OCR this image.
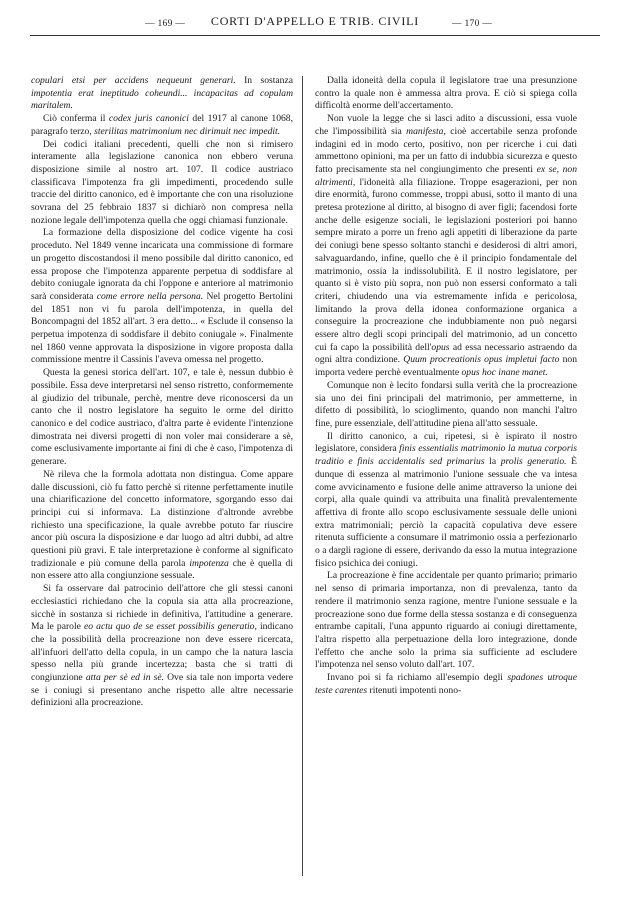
— 169 —	CORTI D'APPELLO E TRIB. CIVILI	— 170 —

copulari etsi per accidens nequeunt generari. In sostanza impotentia erat ineptitudo coheundi... incapacitas ad copulam maritalem.

Ciò conferma il codex juris canonici del 1917 al canone 1068, paragrafo terzo, sterilitas matrimonium nec dirimuit nec impedit.

Dei codici italiani precedenti, quelli che non si rimisero interamente alla legislazione canonica non ebbero veruna disposizione simile al nostro art. 107. Il codice austriaco classificava l'impotenza fra gli impedimenti, procedendo sulle traccie del diritto canonico, ed è importante che con una risoluzione sovrana del 25 febbraio 1837 si dichiarò non compresa nella nozione legale dell'impotenza quella che oggi chiamasi funzionale.

La formazione della disposizione del codice vigente ha così proceduto. Nel 1849 venne incaricata una commissione di formare un progetto discostandosi il meno possibile dal diritto canonico, ed essa propose che l'impotenza apparente perpetua di soddisfare al debito coniugale ignorata da chi l'oppone e anteriore al matrimonio sarà considerata come errore nella persona. Nel progetto Bertolini del 1851 non vi fu parola dell'impotenza, in quella del Boncompagni del 1852 all'art. 3 era detto... « Esclude il consenso la perpetua impotenza di soddisfare il debito coniugale ». Finalmente nel 1860 venne approvata la disposizione in vigore proposta dalla commissione mentre il Cassinis l'aveva omessa nel progetto.

Questa la genesi storica dell'art. 107, e tale è, nessun dubbio è possibile. Essa deve interpretarsi nel senso ristretto, conformemente al giudizio del tribunale, perchè, mentre deve riconoscersi da un canto che il nostro legislatore ha seguito le orme del diritto canonico e del codice austriaco, d'altra parte è evidente l'intenzione dimostrata nei diversi progetti di non voler mai considerare a sè, come esclusivamente importante ai fini di che è caso, l'impotenza di generare.

Nè rileva che la formola adottata non distingua. Come appare dalle discussioni, ciò fu fatto perchè si ritenne perfettamente inutile una chiarificazione del concetto informatore, sgorgando esso dai principi cui si informava. La distinzione d'altronde avrebbe richiesto una specificazione, la quale avrebbe potuto far riuscire ancor più oscura la disposizione e dar luogo ad altri dubbi, ad altre questioni più gravi. E tale interpretazione è conforme al significato tradizionale e più comune della parola impotenza che è quella di non essere atto alla congiunzione sessuale.

Si fa osservare dal patrocinio dell'attore che gli stessi canoni ecclesiastici richiedano che la copula sia atta alla procreazione, sicchè in sostanza si richiede in definitiva, l'attitudine a generare. Ma le parole eo actu quo de se esset possibilis generatio, indicano che la possibilità della procreazione non deve essere ricercata, all'infuori dell'atto della copula, in un campo che la natura lascia spesso nella più grande incertezza; basta che si tratti di congiunzione atta per sè ed in sè. Ove sia tale non importa vedere se i coniugi si presentano anche rispetto alle altre necessarie definizioni alla procreazione.

Dalla idoneità della copula il legislatore trae una presunzione contro la quale non è ammessa altra prova. E ciò si spiega colla difficoltà enorme dell'accertamento.

Non vuole la legge che si lasci adito a discussioni, essa vuole che l'impossibilità sia manifesta, cioè accertabile senza profonde indagini ed in modo certo, positivo, non per ricerche i cui dati ammettono opinioni, ma per un fatto di indubbia sicurezza e questo fatto precisamente sta nel congiungimento che presenti ex se, non altrimenti, l'idoneità alla filiazione. Troppe esagerazioni, per non dire enormità, furono commesse, troppi abusi, sotto il manto di una pretesa protezione al diritto, al bisogno di aver figli; facendosi forte anche delle esigenze sociali, le legislazioni posteriori poi hanno sempre mirato a porre un freno agli appetiti di liberazione da parte dei coniugi bene spesso soltanto stanchi e desiderosi di altri amori, salvaguardando, infine, quello che è il principio fondamentale del matrimonio, ossia la indissolubilità. E il nostro legislatore, per quanto si è visto più sopra, non può non essersi conformato a tali criteri, chiudendo una via estremamente infida e pericolosa, limitando la prova della idonea conformazione organica a conseguire la procreazione che indubbiamente non può negarsi essere altro degli scopi principali del matrimonio, ad un concetto cui fa capo la possibilità dell'opus ad essa necessario astraendo da ogni altra condizione. Quum procreationis opus impletui facto non importa vedere perchè eventualmente opus hoc inane manet.

Comunque non è lecito fondarsi sulla verità che la procreazione sia uno dei fini principali del matrimonio, per ammetterne, in difetto di possibilità, lo scioglimento, quando non manchi l'altro fine, pure essenziale, dell'attitudine piena all'atto sessuale.

Il diritto canonico, a cui, ripetesi, si è ispirato il nostro legislatore, considera finis essentialis matrimonio la mutua corporis traditio e finis accidentalis sed primarius la prolis generatio. È dunque di essenza al matrimonio l'unione sessuale che va intesa come avvicinamento e fusione delle anime attraverso la unione dei corpi, alla quale quindi va attribuita una finalità prevalentemente affettiva di fronte allo scopo esclusivamente sessuale delle unioni extra matrimoniali; perciò la capacità copulativa deve essere ritenuta sufficiente a consumare il matrimonio ossia a perfezionarlo o a dargli ragione di essere, derivando da esso la mutua integrazione fisico psichica dei coniugi.

La procreazione è fine accidentale per quanto primario; primario nel senso di primaria importanza, non di prevalenza, tanto da rendere il matrimonio senza ragione, mentre l'unione sessuale e la procreazione sono due forme della stessa sostanza e di conseguenza entrambe capitali, l'una appunto riguardo ai coniugi direttamente, l'altra rispetto alla perpetuazione della loro integrazione, donde l'effetto che anche solo la prima sia sufficiente ad escludere l'impotenza nel senso voluto dall'art. 107.

Invano poi si fa richiamo all'esempio degli spadones utroque teste carentes ritenuti impotenti nono-
